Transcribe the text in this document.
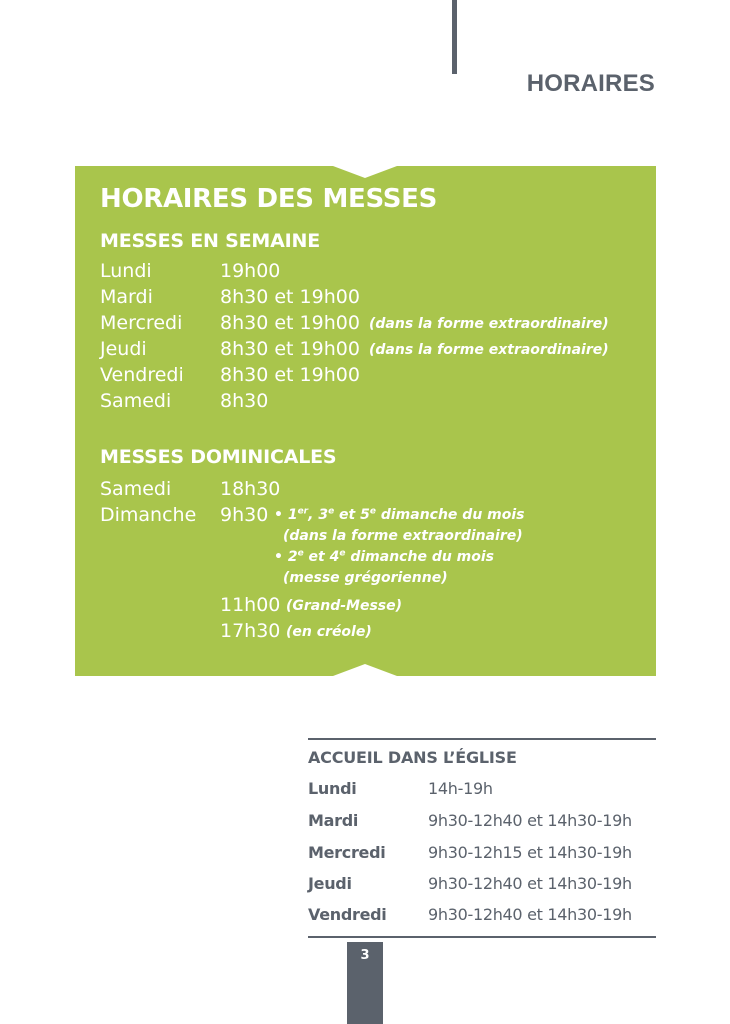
HORAIRES
HORAIRES DES MESSES
MESSES EN SEMAINE
Lundi	19h00
Mardi	8h30 et 19h00
Mercredi 8h30 et 19h00 (dans la forme extraordinaire)
Jeudi	8h30 et 19h00 (dans la forme extraordinaire)
Vendredi 8h30 et 19h00
Samedi	8h30
MESSES DOMINICALES
Samedi	18h30
Dimanche 9h30 • 1er, 3e et 5e dimanche du mois
(dans la forme extraordinaire)
• 2e et 4e dimanche du mois
(messe grégorienne)
11h00 (Grand-Messe)
17h30 (en créole)
ACCUEIL DANS L’ÉGLISE
Lundi	14h-19h
Mardi	9h30-12h40 et 14h30-19h
Mercredi	9h30-12h15 et 14h30-19h
Jeudi	9h30-12h40 et 14h30-19h
Vendredi	9h30-12h40 et 14h30-19h
3
